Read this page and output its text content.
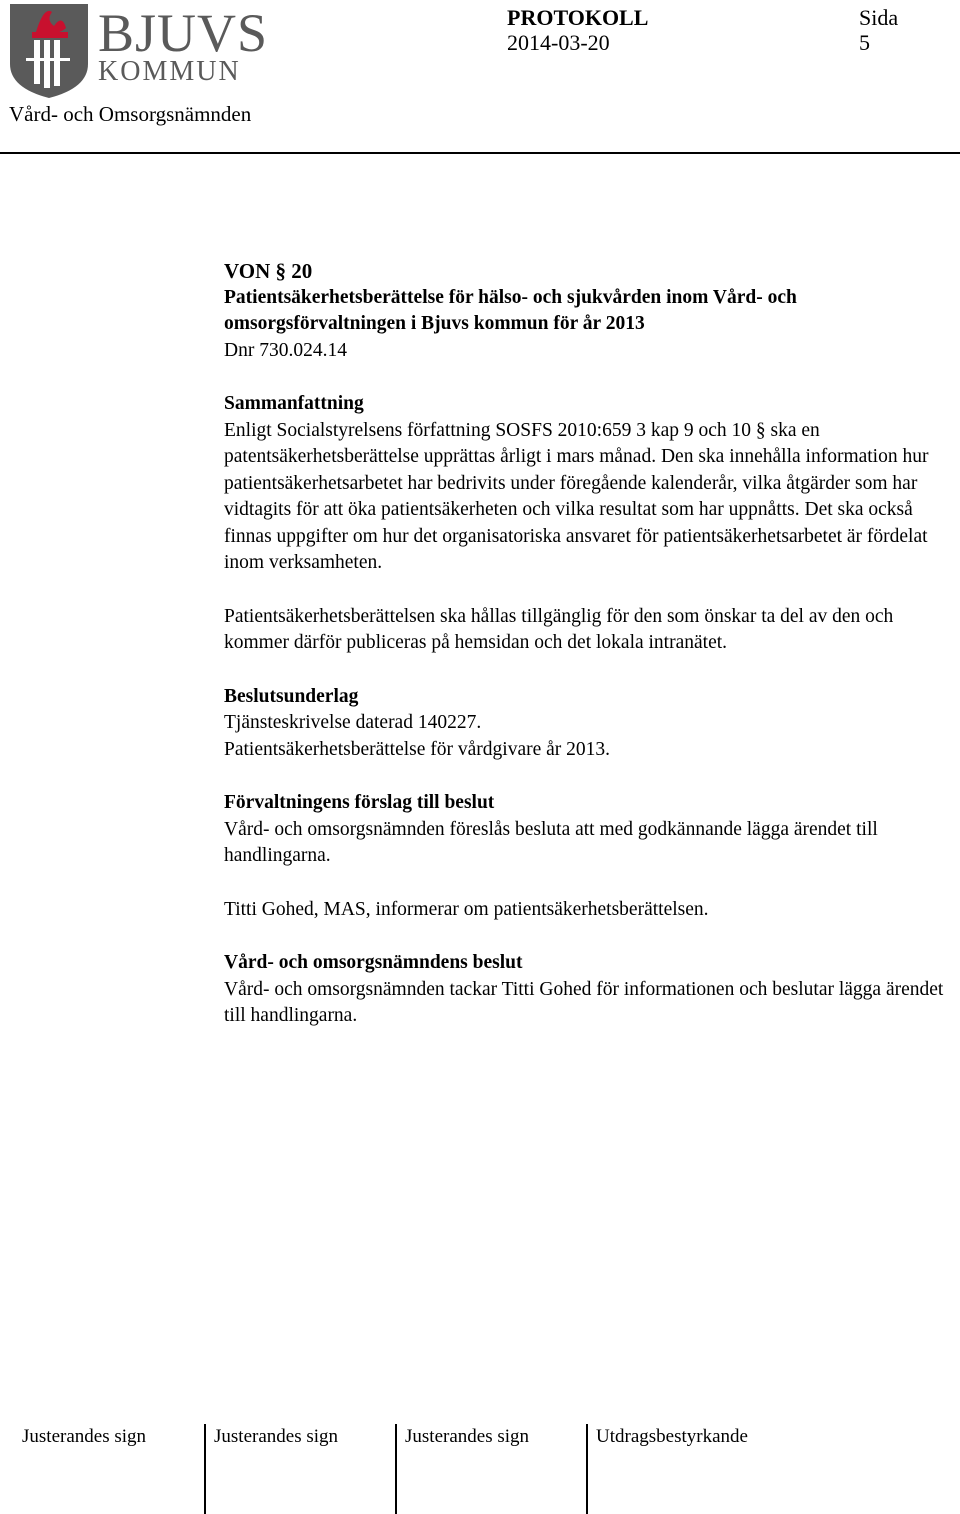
BJUVS
KOMMUN
PROTOKOLL	Sida
2014-03-20	5
Vård- och Omsorgsnämnden

VON § 20

Patientsäkerhetsberättelse för hälso- och sjukvården inom Vård- och

omsorgsförvaltningen i Bjuvs kommun för år 2013

Dnr 730.024.14

Sammanfattning

Enligt Socialstyrelsens författning SOSFS 2010:659 3 kap 9 och 10 § ska en patentsäkerhetsberättelse upprättas årligt i mars månad. Den ska innehålla information hur patientsäkerhetsarbetet har bedrivits under föregående kalenderår, vilka åtgärder som har vidtagits för att öka patientsäkerheten och vilka resultat som har uppnåtts. Det ska också finnas uppgifter om hur det organisatoriska ansvaret för patientsäkerhetsarbetet är fördelat inom verksamheten.

Patientsäkerhetsberättelsen ska hållas tillgänglig för den som önskar ta del av den och kommer därför publiceras på hemsidan och det lokala intranätet.

Beslutsunderlag

Tjänsteskrivelse daterad 140227.

Patientsäkerhetsberättelse för vårdgivare år 2013.

Förvaltningens förslag till beslut

Vård- och omsorgsnämnden föreslås besluta att med godkännande lägga ärendet till handlingarna.

Titti Gohed, MAS, informerar om patientsäkerhetsberättelsen.

Vård- och omsorgsnämndens beslut

Vård- och omsorgsnämnden tackar Titti Gohed för informationen och beslutar lägga ärendet till handlingarna.

Justerandes sign	Justerandes sign	Justerandes sign	Utdragsbestyrkande
